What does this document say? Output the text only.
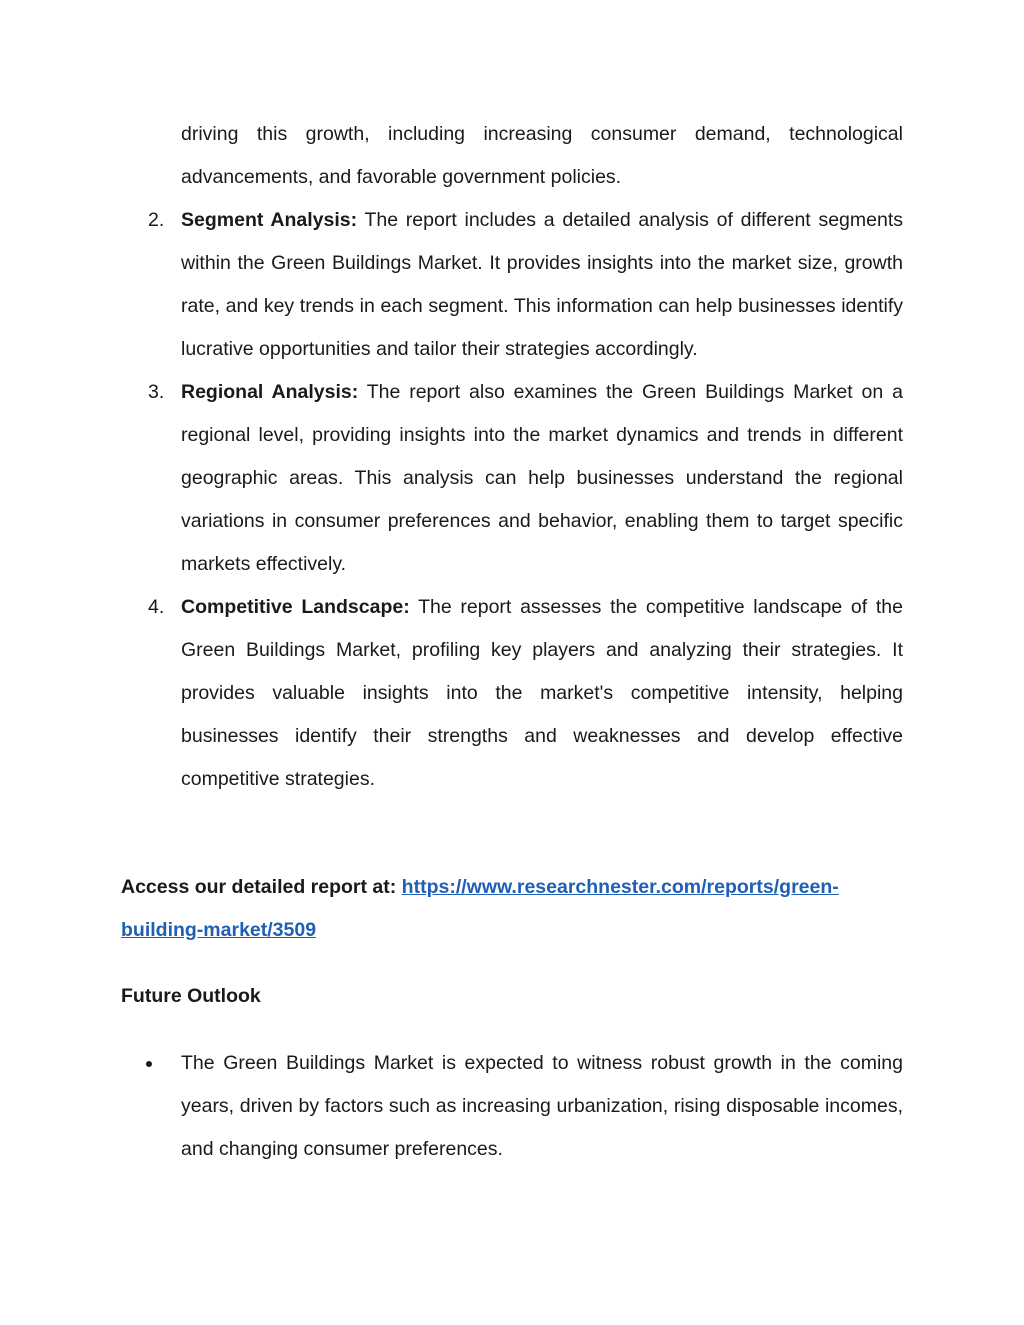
driving this growth, including increasing consumer demand, technological advancements, and favorable government policies.
2. Segment Analysis: The report includes a detailed analysis of different segments within the Green Buildings Market. It provides insights into the market size, growth rate, and key trends in each segment. This information can help businesses identify lucrative opportunities and tailor their strategies accordingly.
3. Regional Analysis: The report also examines the Green Buildings Market on a regional level, providing insights into the market dynamics and trends in different geographic areas. This analysis can help businesses understand the regional variations in consumer preferences and behavior, enabling them to target specific markets effectively.
4. Competitive Landscape: The report assesses the competitive landscape of the Green Buildings Market, profiling key players and analyzing their strategies. It provides valuable insights into the market's competitive intensity, helping businesses identify their strengths and weaknesses and develop effective competitive strategies.
Access our detailed report at: https://www.researchnester.com/reports/green-
building-market/3509
Future Outlook
The Green Buildings Market is expected to witness robust growth in the coming years, driven by factors such as increasing urbanization, rising disposable incomes, and changing consumer preferences.
